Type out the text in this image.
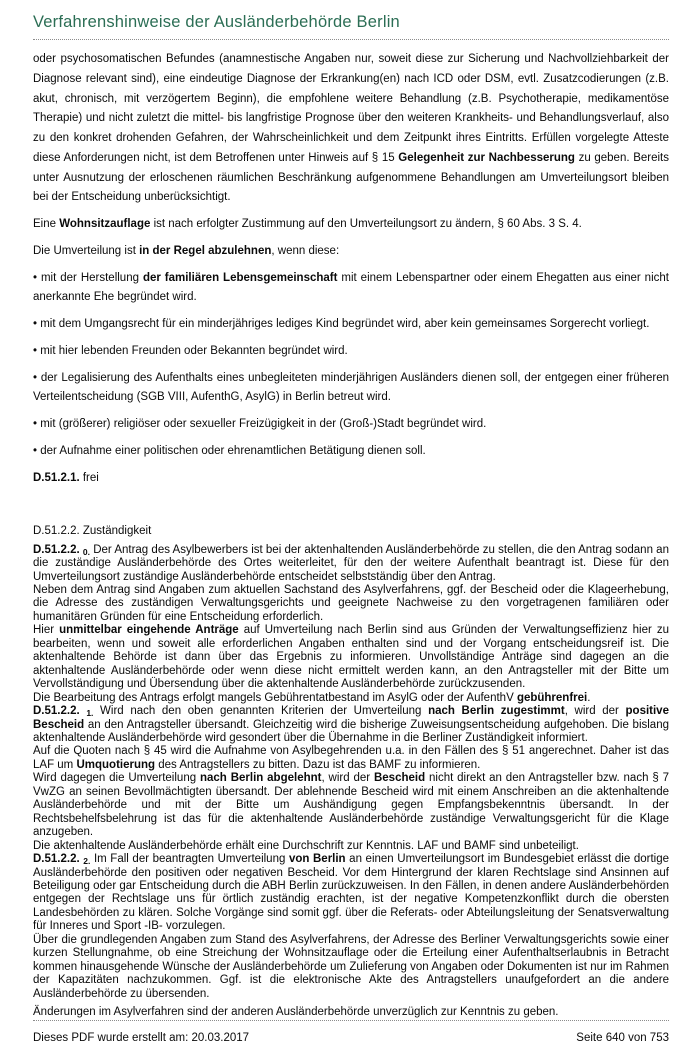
Verfahrenshinweise der Ausländerbehörde Berlin

oder psychosomatischen Befundes (anamnestische Angaben nur, soweit diese zur Sicherung und Nachvollziehbarkeit der Diagnose relevant sind), eine eindeutige Diagnose der Erkrankung(en) nach ICD oder DSM, evtl. Zusatzcodierungen (z.B. akut, chronisch, mit verzögertem Beginn), die empfohlene weitere Behandlung (z.B. Psychotherapie, medikamentöse Therapie) und nicht zuletzt die mittel- bis langfristige Prognose über den weiteren Krankheits- und Behandlungsverlauf, also zu den konkret drohenden Gefahren, der Wahrscheinlichkeit und dem Zeitpunkt ihres Eintritts. Erfüllen vorgelegte Atteste diese Anforderungen nicht, ist dem Betroffenen unter Hinweis auf § 15 Gelegenheit zur Nachbesserung zu geben. Bereits unter Ausnutzung der erloschenen räumlichen Beschränkung aufgenommene Behandlungen am Umverteilungsort bleiben bei der Entscheidung unberücksichtigt.

Eine Wohnsitzauflage ist nach erfolgter Zustimmung auf den Umverteilungsort zu ändern, § 60 Abs. 3 S. 4.

Die Umverteilung ist in der Regel abzulehnen, wenn diese:

• mit der Herstellung der familiären Lebensgemeinschaft mit einem Lebenspartner oder einem Ehegatten aus einer nicht anerkannte Ehe begründet wird.

• mit dem Umgangsrecht für ein minderjähriges lediges Kind begründet wird, aber kein gemeinsames Sorgerecht vorliegt.

• mit hier lebenden Freunden oder Bekannten begründet wird.

• der Legalisierung des Aufenthalts eines unbegleiteten minderjährigen Ausländers dienen soll, der entgegen einer früheren Verteilentscheidung (SGB VIII, AufenthG, AsylG) in Berlin betreut wird.

• mit (größerer) religiöser oder sexueller Freizügigkeit in der (Groß-)Stadt begründet wird.

• der Aufnahme einer politischen oder ehrenamtlichen Betätigung dienen soll.

D.51.2.1. frei

D.51.2.2. Zuständigkeit

D.51.2.2. $_{0.}$ Der Antrag des Asylbewerbers ist bei der aktenhaltenden Ausländerbehörde zu stellen, die den Antrag sodann an die zuständige Ausländerbehörde des Ortes weiterleitet, für den der weitere Aufenthalt beantragt ist. Diese für den Umverteilungsort zuständige Ausländerbehörde entscheidet selbstständig über den Antrag.

Neben dem Antrag sind Angaben zum aktuellen Sachstand des Asylverfahrens, ggf. der Bescheid oder die Klageerhebung, die Adresse des zuständigen Verwaltungsgerichts und geeignete Nachweise zu den vorgetragenen familiären oder humanitären Gründen für eine Entscheidung erforderlich.

Hier unmittelbar eingehende Anträge auf Umverteilung nach Berlin sind aus Gründen der Verwaltungseffizienz hier zu bearbeiten, wenn und soweit alle erforderlichen Angaben enthalten sind und der Vorgang entscheidungsreif ist. Die aktenhaltende Behörde ist dann über das Ergebnis zu informieren. Unvollständige Anträge sind dagegen an die aktenhaltende Ausländerbehörde oder wenn diese nicht ermittelt werden kann, an den Antragsteller mit der Bitte um Vervollständigung und Übersendung über die aktenhaltende Ausländerbehörde zurückzusenden.

Die Bearbeitung des Antrags erfolgt mangels Gebührentatbestand im AsylG oder der AufenthV gebührenfrei.

D.51.2.2. $_{1.}$ Wird nach den oben genannten Kriterien der Umverteilung nach Berlin zugestimmt, wird der positive Bescheid an den Antragsteller übersandt. Gleichzeitig wird die bisherige Zuweisungsentscheidung aufgehoben. Die bislang aktenhaltende Ausländerbehörde wird gesondert über die Übernahme in die Berliner Zuständigkeit informiert.

Auf die Quoten nach § 45 wird die Aufnahme von Asylbegehrenden u.a. in den Fällen des § 51 angerechnet. Daher ist das LAF um Umquotierung des Antragstellers zu bitten. Dazu ist das BAMF zu informieren.

Wird dagegen die Umverteilung nach Berlin abgelehnt, wird der Bescheid nicht direkt an den Antragsteller bzw. nach § 7 VwZG an seinen Bevollmächtigten übersandt. Der ablehnende Bescheid wird mit einem Anschreiben an die aktenhaltende Ausländerbehörde und mit der Bitte um Aushändigung gegen Empfangsbekenntnis übersandt. In der Rechtsbehelfsbelehrung ist das für die aktenhaltende Ausländerbehörde zuständige Verwaltungsgericht für die Klage anzugeben.

Die aktenhaltende Ausländerbehörde erhält eine Durchschrift zur Kenntnis. LAF und BAMF sind unbeteiligt.

D.51.2.2. $_{2.}$ Im Fall der beantragten Umverteilung von Berlin an einen Umverteilungsort im Bundesgebiet erlässt die dortige Ausländerbehörde den positiven oder negativen Bescheid. Vor dem Hintergrund der klaren Rechtslage sind Ansinnen auf Beteiligung oder gar Entscheidung durch die ABH Berlin zurückzuweisen. In den Fällen, in denen andere Ausländerbehörden entgegen der Rechtslage uns für örtlich zuständig erachten, ist der negative Kompetenzkonflikt durch die obersten Landesbehörden zu klären. Solche Vorgänge sind somit ggf. über die Referats- oder Abteilungsleitung der Senatsverwaltung für Inneres und Sport -IB- vorzulegen.

Über die grundlegenden Angaben zum Stand des Asylverfahrens, der Adresse des Berliner Verwaltungsgerichts sowie einer kurzen Stellungnahme, ob eine Streichung der Wohnsitzauflage oder die Erteilung einer Aufenthaltserlaubnis in Betracht kommen hinausgehende Wünsche der Ausländerbehörde um Zulieferung von Angaben oder Dokumenten ist nur im Rahmen der Kapazitäten nachzukommen. Ggf. ist die elektronische Akte des Antragstellers unaufgefordert an die andere Ausländerbehörde zu übersenden.

Änderungen im Asylverfahren sind der anderen Ausländerbehörde unverzüglich zur Kenntnis zu geben.

Dieses PDF wurde erstellt am: 20.03.2017	Seite 640 von 753
